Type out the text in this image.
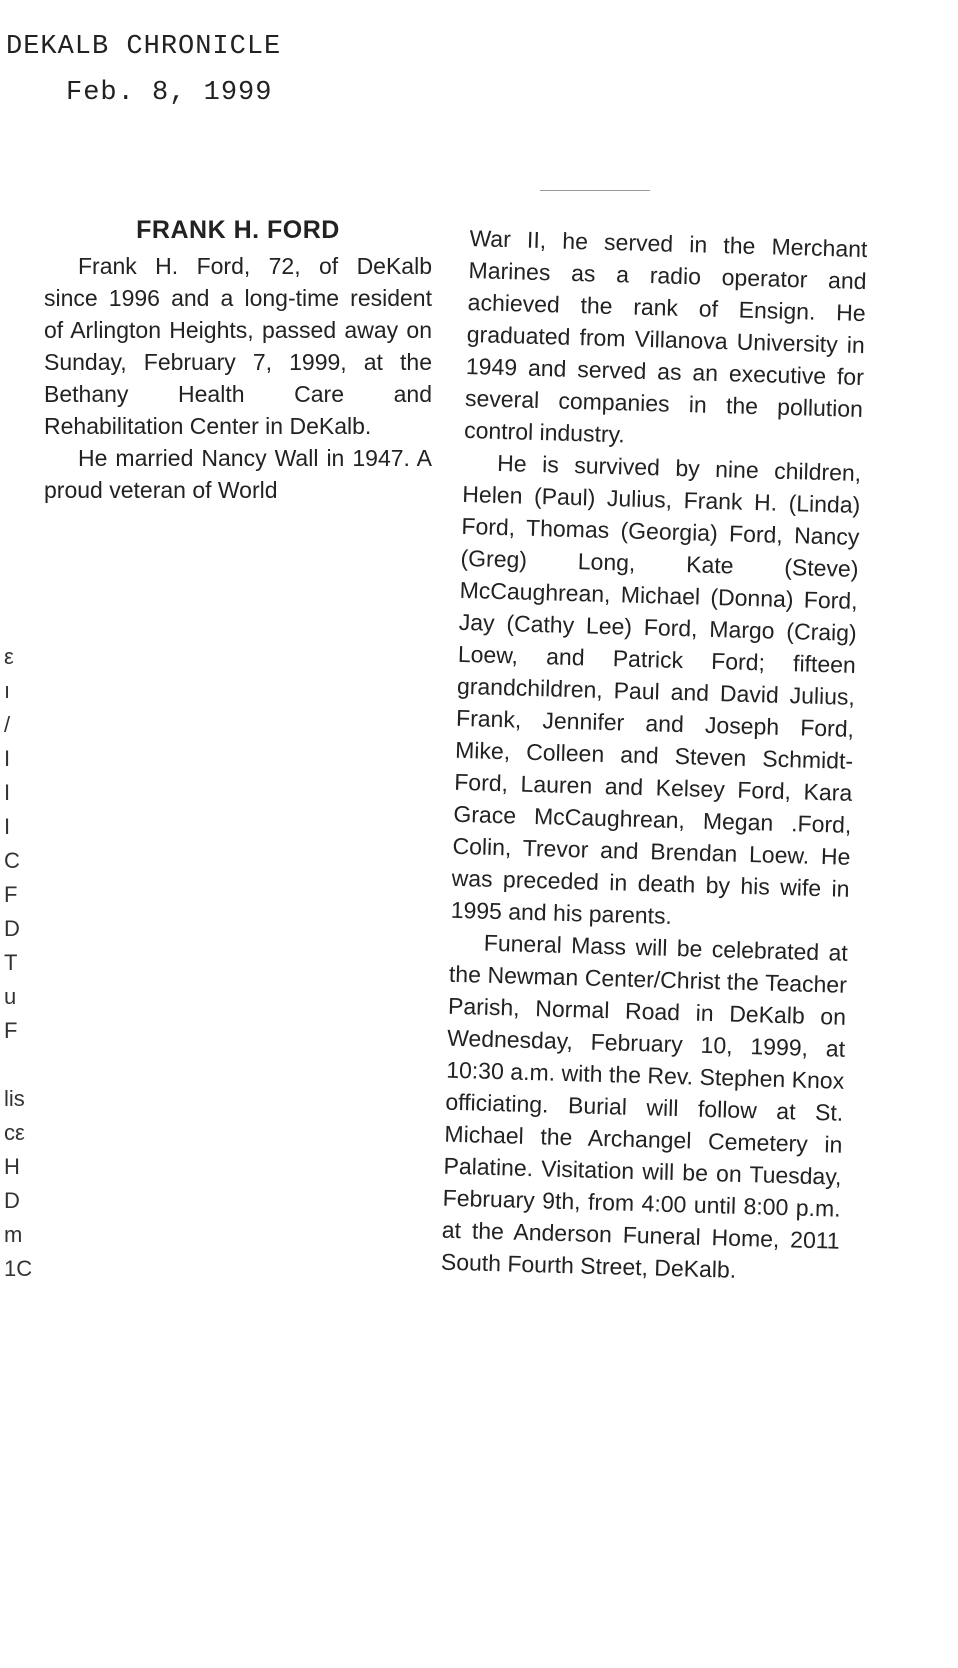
DEKALB CHRONICLE
Feb. 8, 1999
FRANK H. FORD

Frank H. Ford, 72, of DeKalb since 1996 and a long-time resident of Arlington Heights, passed away on Sunday, February 7, 1999, at the Bethany Health Care and Rehabilitation Center in DeKalb.

He married Nancy Wall in 1947. A proud veteran of World

War II, he served in the Merchant Marines as a radio operator and achieved the rank of Ensign. He graduated from Villanova University in 1949 and served as an executive for several companies in the pollution control industry.

He is survived by nine children, Helen (Paul) Julius, Frank H. (Linda) Ford, Thomas (Georgia) Ford, Nancy (Greg) Long, Kate (Steve) McCaughrean, Michael (Donna) Ford, Jay (Cathy Lee) Ford, Margo (Craig) Loew, and Patrick Ford; fifteen grandchildren, Paul and David Julius, Frank, Jennifer and Joseph Ford, Mike, Colleen and Steven Schmidt-Ford, Lauren and Kelsey Ford, Kara Grace McCaughrean, Megan .Ford, Colin, Trevor and Brendan Loew. He was preceded in death by his wife in 1995 and his parents.

Funeral Mass will be celebrated at the Newman Center/Christ the Teacher Parish, Normal Road in DeKalb on Wednesday, February 10, 1999, at 10:30 a.m. with the Rev. Stephen Knox officiating. Burial will follow at St. Michael the Archangel Cemetery in Palatine. Visitation will be on Tuesday, February 9th, from 4:00 until 8:00 p.m. at the Anderson Funeral Home, 2011 South Fourth Street, DeKalb.

ε
ı
/
I
I
I
C
F
D
T
u
F
lis
cε
H
D
m
1C
